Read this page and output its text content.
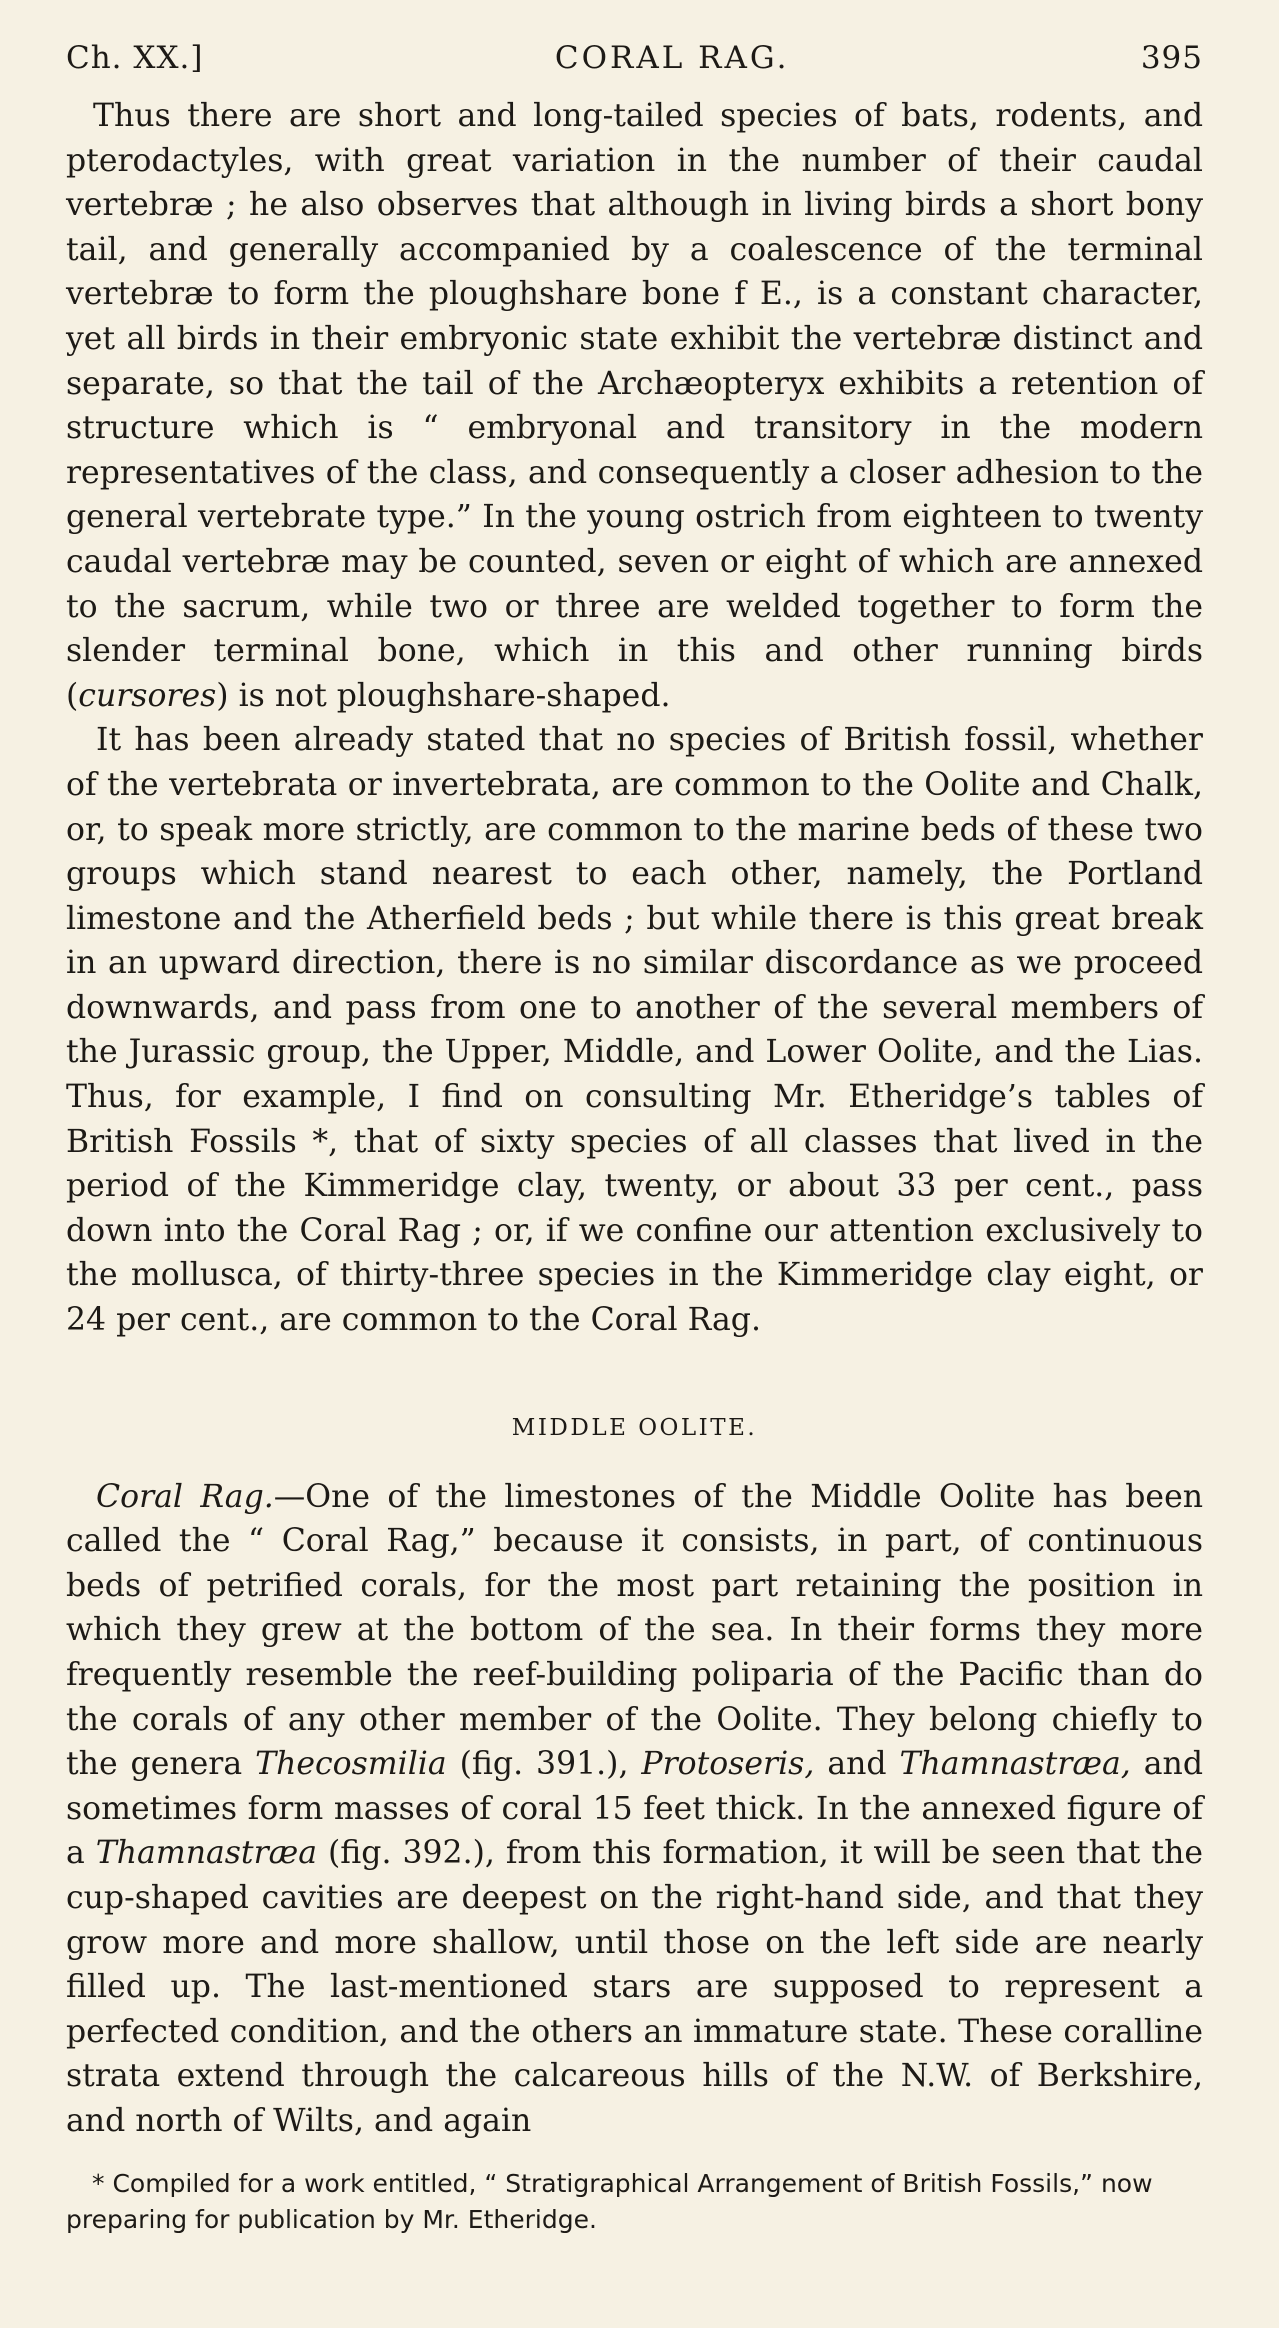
Ch. XX.]	CORAL RAG.	395

Thus there are short and long-tailed species of bats, rodents, and pterodactyles, with great variation in the number of their caudal vertebræ ; he also observes that although in living birds a short bony tail, and generally accompanied by a coalescence of the terminal vertebræ to form the ploughshare bone f E., is a constant character, yet all birds in their embryonic state exhibit the vertebræ distinct and separate, so that the tail of the Archæopteryx exhibits a retention of structure which is “ embryonal and transitory in the modern representatives of the class, and consequently a closer adhesion to the general vertebrate type.” In the young ostrich from eighteen to twenty caudal vertebræ may be counted, seven or eight of which are annexed to the sacrum, while two or three are welded together to form the slender terminal bone, which in this and other running birds (cursores) is not ploughshare-shaped.

It has been already stated that no species of British fossil, whether of the vertebrata or invertebrata, are common to the Oolite and Chalk, or, to speak more strictly, are common to the marine beds of these two groups which stand nearest to each other, namely, the Portland limestone and the Atherfield beds ; but while there is this great break in an upward direction, there is no similar discordance as we proceed downwards, and pass from one to another of the several members of the Jurassic group, the Upper, Middle, and Lower Oolite, and the Lias. Thus, for example, I find on consulting Mr. Etheridge’s tables of British Fossils *, that of sixty species of all classes that lived in the period of the Kimmeridge clay, twenty, or about 33 per cent., pass down into the Coral Rag ; or, if we confine our attention exclusively to the mollusca, of thirty-three species in the Kimmeridge clay eight, or 24 per cent., are common to the Coral Rag.

MIDDLE OOLITE.

Coral Rag.—One of the limestones of the Middle Oolite has been called the “ Coral Rag,” because it consists, in part, of continuous beds of petrified corals, for the most part retaining the position in which they grew at the bottom of the sea. In their forms they more frequently resemble the reef-building poliparia of the Pacific than do the corals of any other member of the Oolite. They belong chiefly to the genera Thecosmilia (fig. 391.), Protoseris, and Thamnastræa, and sometimes form masses of coral 15 feet thick. In the annexed figure of a Thamnastræa (fig. 392.), from this formation, it will be seen that the cup-shaped cavities are deepest on the right-hand side, and that they grow more and more shallow, until those on the left side are nearly filled up. The last-mentioned stars are supposed to represent a perfected condition, and the others an immature state. These coralline strata extend through the calcareous hills of the N.W. of Berkshire, and north of Wilts, and again

* Compiled for a work entitled, “ Stratigraphical Arrangement of British Fossils,” now preparing for publication by Mr. Etheridge.
